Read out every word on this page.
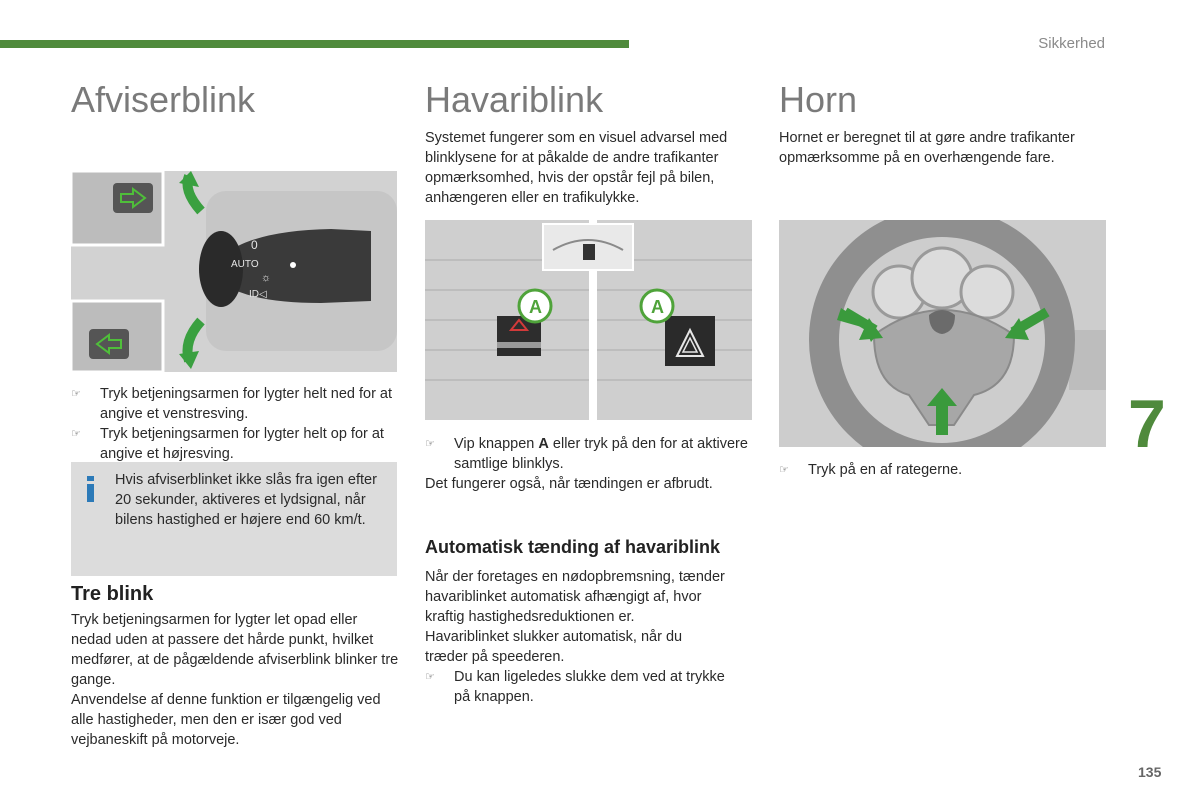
Sikkerhed
7
135
Afviserblink
0
AUTO
☼
ID◁
☞ Tryk betjeningsarmen for lygter helt ned for at angive et venstresving.
☞ Tryk betjeningsarmen for lygter helt op for at angive et højresving.
Hvis afviserblinket ikke slås fra igen efter 20 sekunder, aktiveres et lydsignal, når bilens hastighed er højere end 60 km/t.
Tre blink

Tryk betjeningsarmen for lygter let opad eller nedad uden at passere det hårde punkt, hvilket medfører, at de pågældende afviserblink blinker tre gange.

Anvendelse af denne funktion er tilgængelig ved alle hastigheder, men den er især god ved vejbaneskift på motorveje.

Havariblink

Systemet fungerer som en visuel advarsel med blinklysene for at påkalde de andre trafikanter opmærksomhed, hvis der opstår fejl på bilen, anhængeren eller en trafikulykke.

A	A
☞ Vip knappen A eller tryk på den for at aktivere samtlige blinklys.

Det fungerer også, når tændingen er afbrudt.

Automatisk tænding af havariblink

Når der foretages en nødopbremsning, tænder havariblinket automatisk afhængigt af, hvor kraftig hastighedsreduktionen er.

Havariblinket slukker automatisk, når du træder på speederen.

☞ Du kan ligeledes slukke dem ved at trykke på knappen.
Horn

Hornet er beregnet til at gøre andre trafikanter opmærksomme på en overhængende fare.

☞ Tryk på en af rategerne.
